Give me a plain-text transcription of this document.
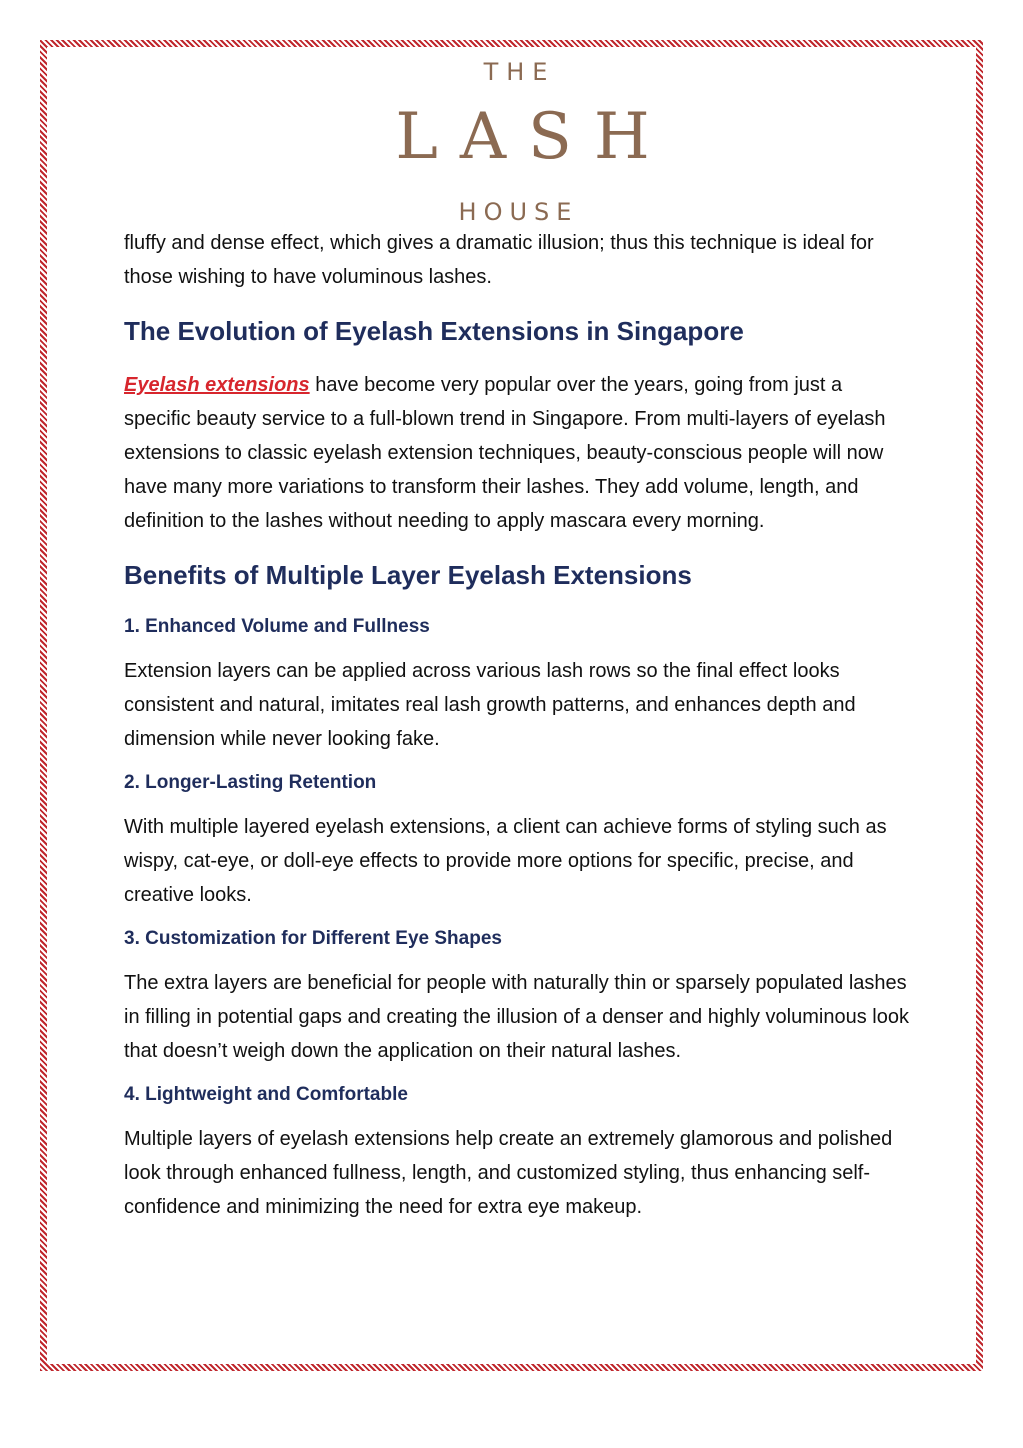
THE
LASH
HOUSE

fluffy and dense effect, which gives a dramatic illusion; thus this technique is ideal for those wishing to have voluminous lashes.

The Evolution of Eyelash Extensions in Singapore

Eyelash extensions have become very popular over the years, going from just a specific beauty service to a full-blown trend in Singapore. From multi-layers of eyelash extensions to classic eyelash extension techniques, beauty-conscious people will now have many more variations to transform their lashes. They add volume, length, and definition to the lashes without needing to apply mascara every morning.

Benefits of Multiple Layer Eyelash Extensions
1. Enhanced Volume and Fullness

Extension layers can be applied across various lash rows so the final effect looks consistent and natural, imitates real lash growth patterns, and enhances depth and dimension while never looking fake.

2. Longer-Lasting Retention

With multiple layered eyelash extensions, a client can achieve forms of styling such as wispy, cat-eye, or doll-eye effects to provide more options for specific, precise, and creative looks.

3. Customization for Different Eye Shapes

The extra layers are beneficial for people with naturally thin or sparsely populated lashes in filling in potential gaps and creating the illusion of a denser and highly voluminous look that doesn’t weigh down the application on their natural lashes.

4. Lightweight and Comfortable

Multiple layers of eyelash extensions help create an extremely glamorous and polished look through enhanced fullness, length, and customized styling, thus enhancing self-confidence and minimizing the need for extra eye makeup.
